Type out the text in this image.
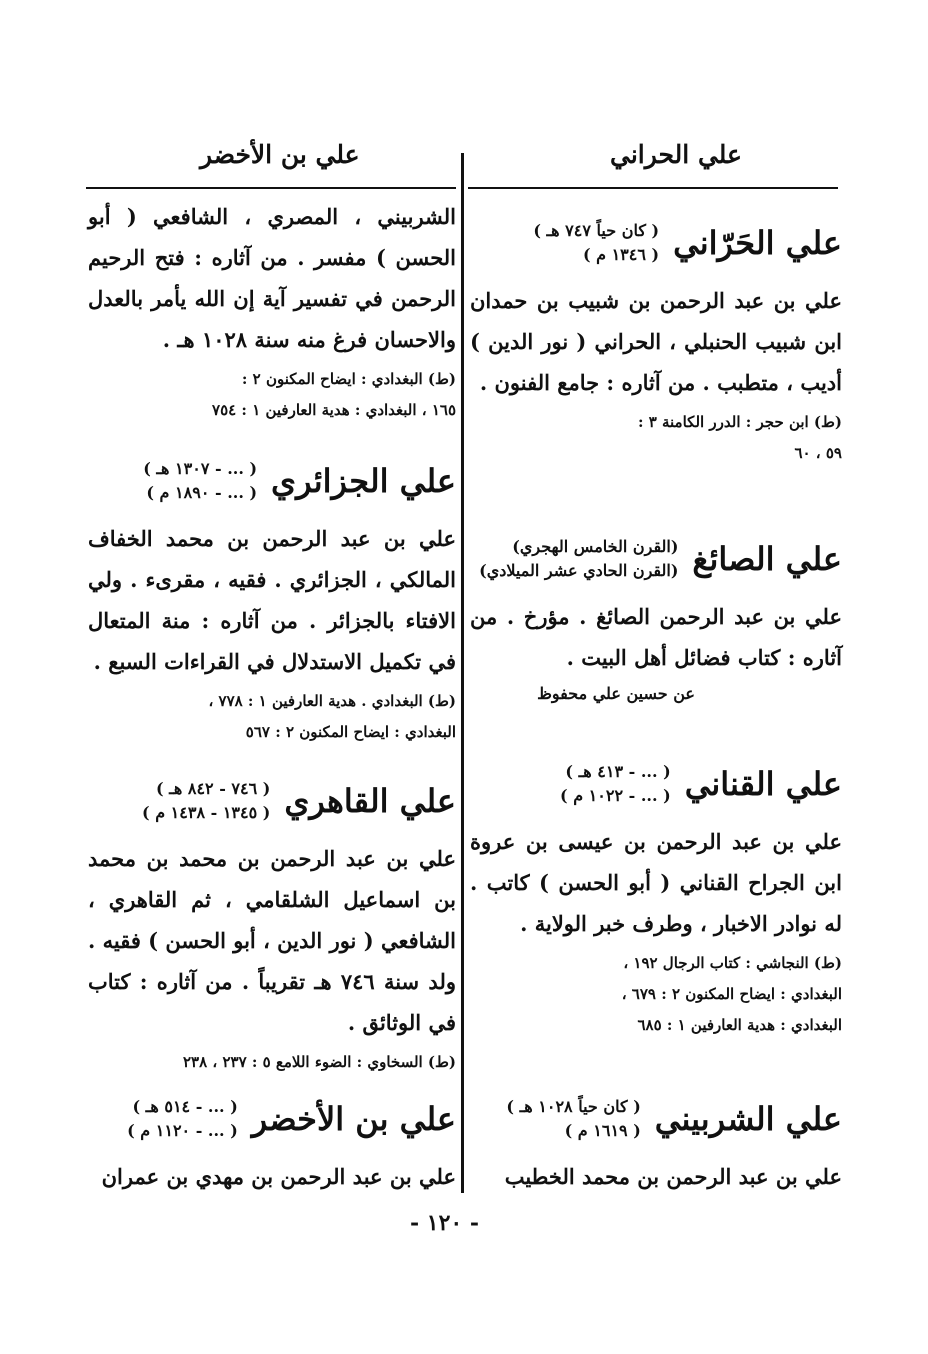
علي الحراني
علي بن الأخضر
علي الحَرّاني
( كان حياً ٧٤٧ هـ )
( ١٣٤٦ م )
علي بن عبد الرحمن بن شبيب بن حمدان ابن شبيب الحنبلي ، الحراني ( نور الدين ) أديب ، متطبب . من آثاره : جامع الفنون .
(ط) ابن حجر : الدرر الكامنة ٣ :
٥٩ ، ٦٠
علي الصائغ
(القرن الخامس الهجري)
(القرن الحادي عشر الميلادي)
علي بن عبد الرحمن الصائغ . مؤرخ . من آثاره : كتاب فضائل أهل البيت .
عن حسين علي محفوظ
علي القناني
( ... - ٤١٣ هـ )
( ... - ١٠٢٢ م )
علي بن عبد الرحمن بن عيسى بن عروة ابن الجراح القناني ( أبو الحسن ) كاتب . له نوادر الاخبار ، وطرف خبر الولاية .
(ط) النجاشي : كتاب الرجال ١٩٢ ،
البغدادي : ايضاح المكنون ٢ : ٦٧٩ ،
البغدادي : هدية العارفين ١ : ٦٨٥
علي الشربيني
( كان حياً ١٠٢٨ هـ )
( ١٦١٩ م )
علي بن عبد الرحمن بن محمد الخطيب
الشربيني ، المصري ، الشافعي ( أبو الحسن ) مفسر . من آثاره : فتح الرحيم الرحمن في تفسير آية إن الله يأمر بالعدل والاحسان فرغ منه سنة ١٠٢٨ هـ .
(ط) البغدادي : ايضاح المكنون ٢ :
١٦٥ ، البغدادي : هدية العارفين ١ : ٧٥٤
علي الجزائري
( ... - ١٣٠٧ هـ )
( ... - ١٨٩٠ م )
علي بن عبد الرحمن بن محمد الخفاف المالكي ، الجزائري . فقيه ، مقرىء . ولي الافتاء بالجزائر . من آثاره : منة المتعال في تكميل الاستدلال في القراءات السبع .
(ط) البغدادي . هدية العارفين ١ : ٧٧٨ ،
البغدادي : ايضاح المكنون ٢ : ٥٦٧
علي القاهري
( ٧٤٦ - ٨٤٢ هـ )
( ١٣٤٥ - ١٤٣٨ م )
علي بن عبد الرحمن بن محمد بن محمد بن اسماعيل الشلقامي ، ثم القاهري ، الشافعي ( نور الدين ، أبو الحسن ) فقيه . ولد سنة ٧٤٦ هـ تقريباً . من آثاره : كتاب في الوثائق .
(ط) السخاوي : الضوء اللامع ٥ : ٢٣٧ ، ٢٣٨
علي بن الأخضر
( ... - ٥١٤ هـ )
( ... - ١١٢٠ م )
علي بن عبد الرحمن بن مهدي بن عمران
- ١٢٠ -
